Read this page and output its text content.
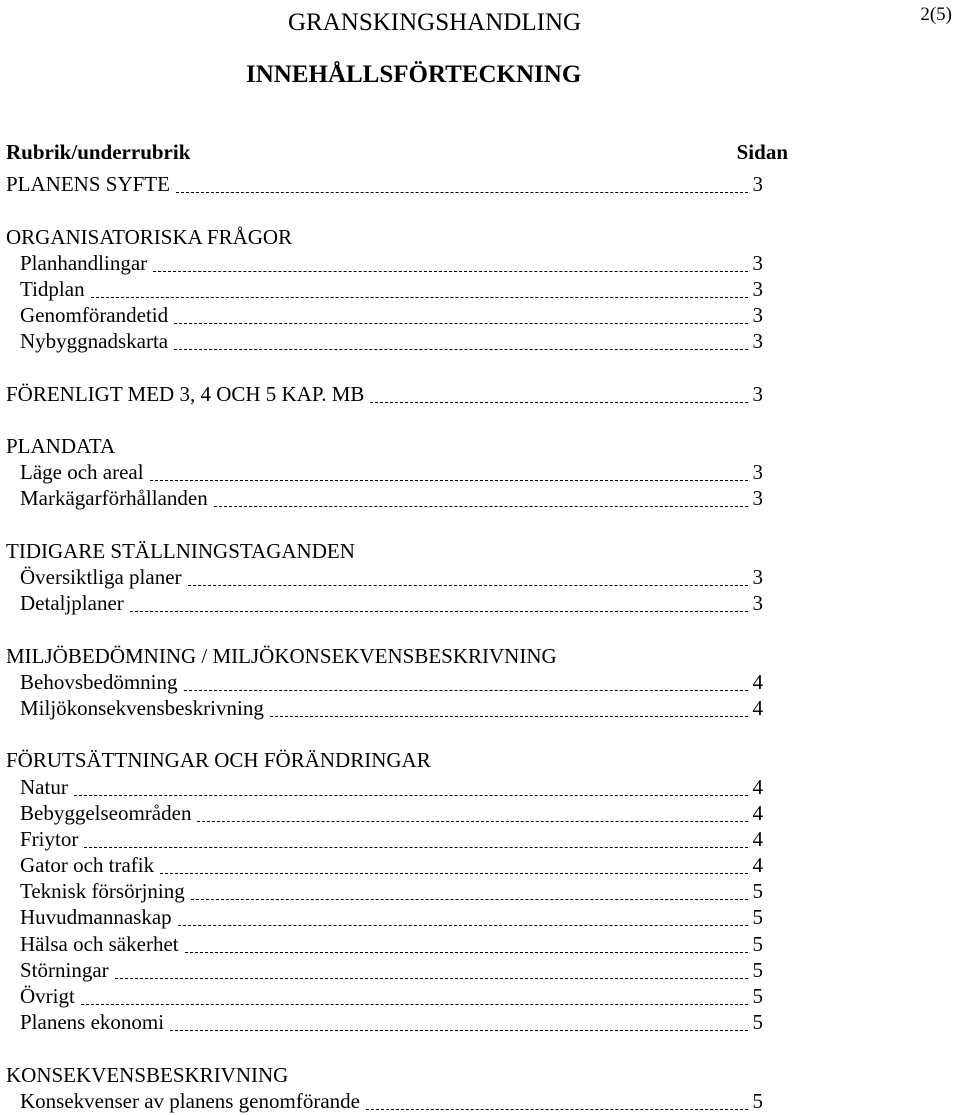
2(5)
GRANSKINGSHANDLING
INNEHÅLLSFÖRTECKNING
Rubrik/underrubrik	Sidan
PLANENS SYFTE	3
ORGANISATORISKA FRÅGOR
Planhandlingar	3
Tidplan	3
Genomförandetid	3
Nybyggnadskarta	3
FÖRENLIGT MED 3, 4 OCH 5 KAP. MB	3
PLANDATA
Läge och areal	3
Markägarförhållanden	3
TIDIGARE STÄLLNINGSTAGANDEN
Översiktliga planer	3
Detaljplaner	3
MILJÖBEDÖMNING / MILJÖKONSEKVENSBESKRIVNING
Behovsbedömning	4
Miljökonsekvensbeskrivning	4
FÖRUTSÄTTNINGAR OCH FÖRÄNDRINGAR
Natur	4
Bebyggelseområden	4
Friytor	4
Gator och trafik	4
Teknisk försörjning	5
Huvudmannaskap	5
Hälsa och säkerhet	5
Störningar	5
Övrigt	5
Planens ekonomi	5
KONSEKVENSBESKRIVNING
Konsekvenser av planens genomförande	5
